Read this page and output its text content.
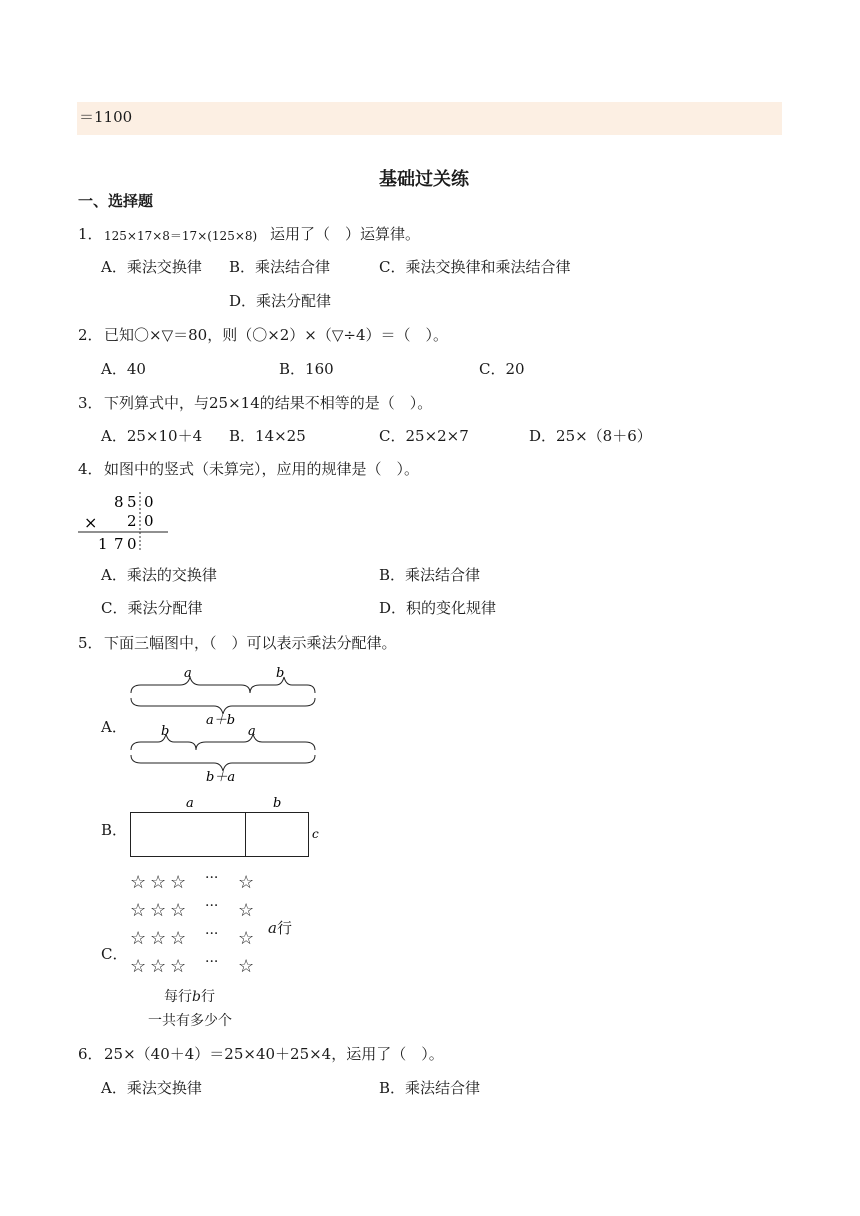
＝1100
基础过关练
一、选择题
1． 125×17×8＝17×(125×8) 运用了（　）运算律。
A．乘法交换律 B．乘法结合律	C．乘法交换律和乘法结合律
D．乘法分配律
2． 已知〇×▽＝80，则（〇×2）×（▽÷4）＝（　）。
A．40	B．160	C．20
3． 下列算式中，与25×14的结果不相等的是（　）。
A．25×10＋4 B．14×25	C．25×2×7	D．25×（8＋6）
4． 如图中的竖式（未算完），应用的规律是（　）。
8 5 0
× 2 0
1 7 0
A．乘法的交换律	B．乘法结合律
C．乘法分配律	D．积的变化规律
5． 下面三幅图中，（　）可以表示乘法分配律。
A．
a	b
a＋b
b	a
b＋a
B．
a	b
c
C．
☆ ☆ ☆ ··· ☆
☆ ☆ ☆ ··· ☆
☆ ☆ ☆ ··· ☆
☆ ☆ ☆ ··· ☆
a行
每行b行
一共有多少个
6． 25×（40＋4）＝25×40＋25×4，运用了（　）。
A．乘法交换律	B．乘法结合律
